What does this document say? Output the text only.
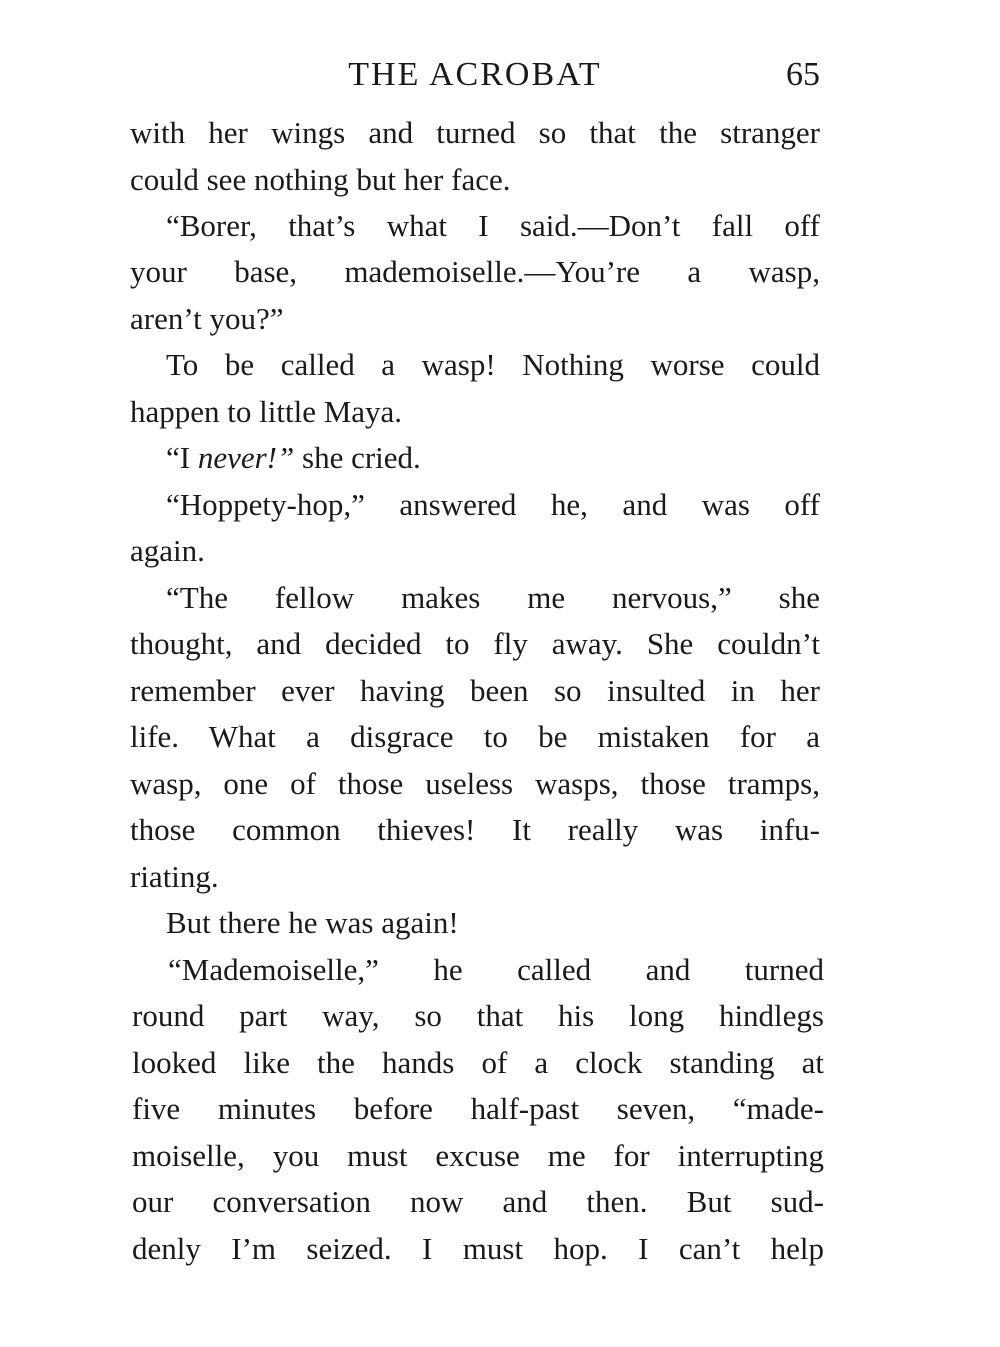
THE ACROBAT	65
with her wings and turned so that the stranger
could see nothing but her face.
“Borer, that’s what I said.—Don’t fall off
your base, mademoiselle.—You’re a wasp,
aren’t you?”
To be called a wasp! Nothing worse could
happen to little Maya.
“I never!” she cried.
“Hoppety-hop,” answered he, and was off
again.
“The fellow makes me nervous,” she
thought, and decided to fly away. She couldn’t
remember ever having been so insulted in her
life. What a disgrace to be mistaken for a
wasp, one of those useless wasps, those tramps,
those common thieves! It really was infu-
riating.
But there he was again!
“Mademoiselle,” he called and turned
round part way, so that his long hindlegs
looked like the hands of a clock standing at
five minutes before half-past seven, “made-
moiselle, you must excuse me for interrupting
our conversation now and then. But sud-
denly I’m seized. I must hop. I can’t help
